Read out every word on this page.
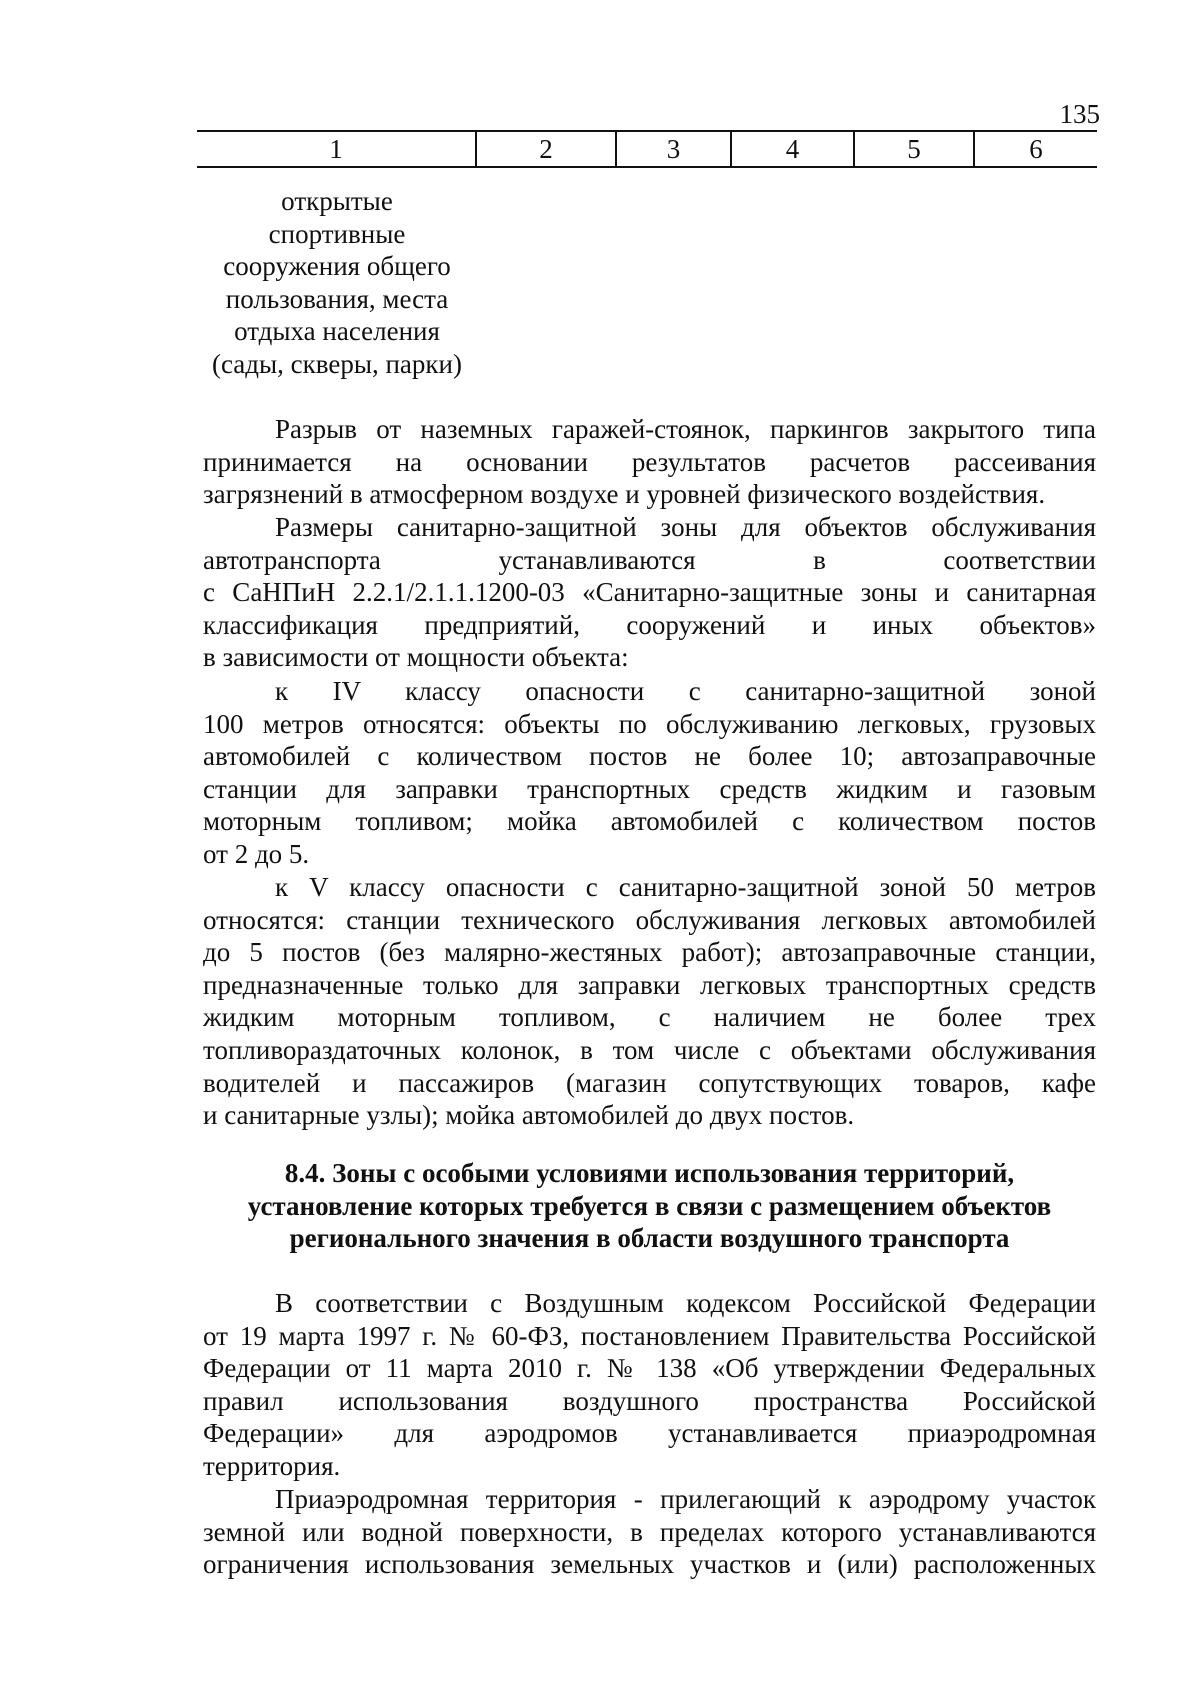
135
1	2	3	4	5	6
открытые
спортивные
сооружения общего
пользования, места
отдыха населения
(сады, скверы, парки)
Разрыв от наземных гаражей-стоянок, паркингов закрытого типа
принимается на основании результатов расчетов рассеивания
загрязнений в атмосферном воздухе и уровней физического воздействия.
Размеры санитарно-защитной зоны для объектов обслуживания
автотранспорта устанавливаются в соответствии
с СаНПиН 2.2.1/2.1.1.1200-03 «Санитарно-защитные зоны и санитарная
классификация предприятий, сооружений и иных объектов»
в зависимости от мощности объекта:
к IV классу опасности с санитарно-защитной зоной
100 метров относятся: объекты по обслуживанию легковых, грузовых
автомобилей с количеством постов не более 10; автозаправочные
станции для заправки транспортных средств жидким и газовым
моторным топливом; мойка автомобилей с количеством постов
от 2 до 5.
к V классу опасности с санитарно-защитной зоной 50 метров
относятся: станции технического обслуживания легковых автомобилей
до 5 постов (без малярно-жестяных работ); автозаправочные станции,
предназначенные только для заправки легковых транспортных средств
жидким моторным топливом, с наличием не более трех
топливораздаточных колонок, в том числе с объектами обслуживания
водителей и пассажиров (магазин сопутствующих товаров, кафе
и санитарные узлы); мойка автомобилей до двух постов.
8.4. Зоны с особыми условиями использования территорий,
установление которых требуется в связи с размещением объектов
регионального значения в области воздушного транспорта
В соответствии с Воздушным кодексом Российской Федерации
от 19 марта 1997 г. № 60-ФЗ, постановлением Правительства Российской
Федерации от 11 марта 2010 г. № 138 «Об утверждении Федеральных
правил использования воздушного пространства Российской
Федерации» для аэродромов устанавливается приаэродромная
территория.
Приаэродромная территория - прилегающий к аэродрому участок
земной или водной поверхности, в пределах которого устанавливаются
ограничения использования земельных участков и (или) расположенных
